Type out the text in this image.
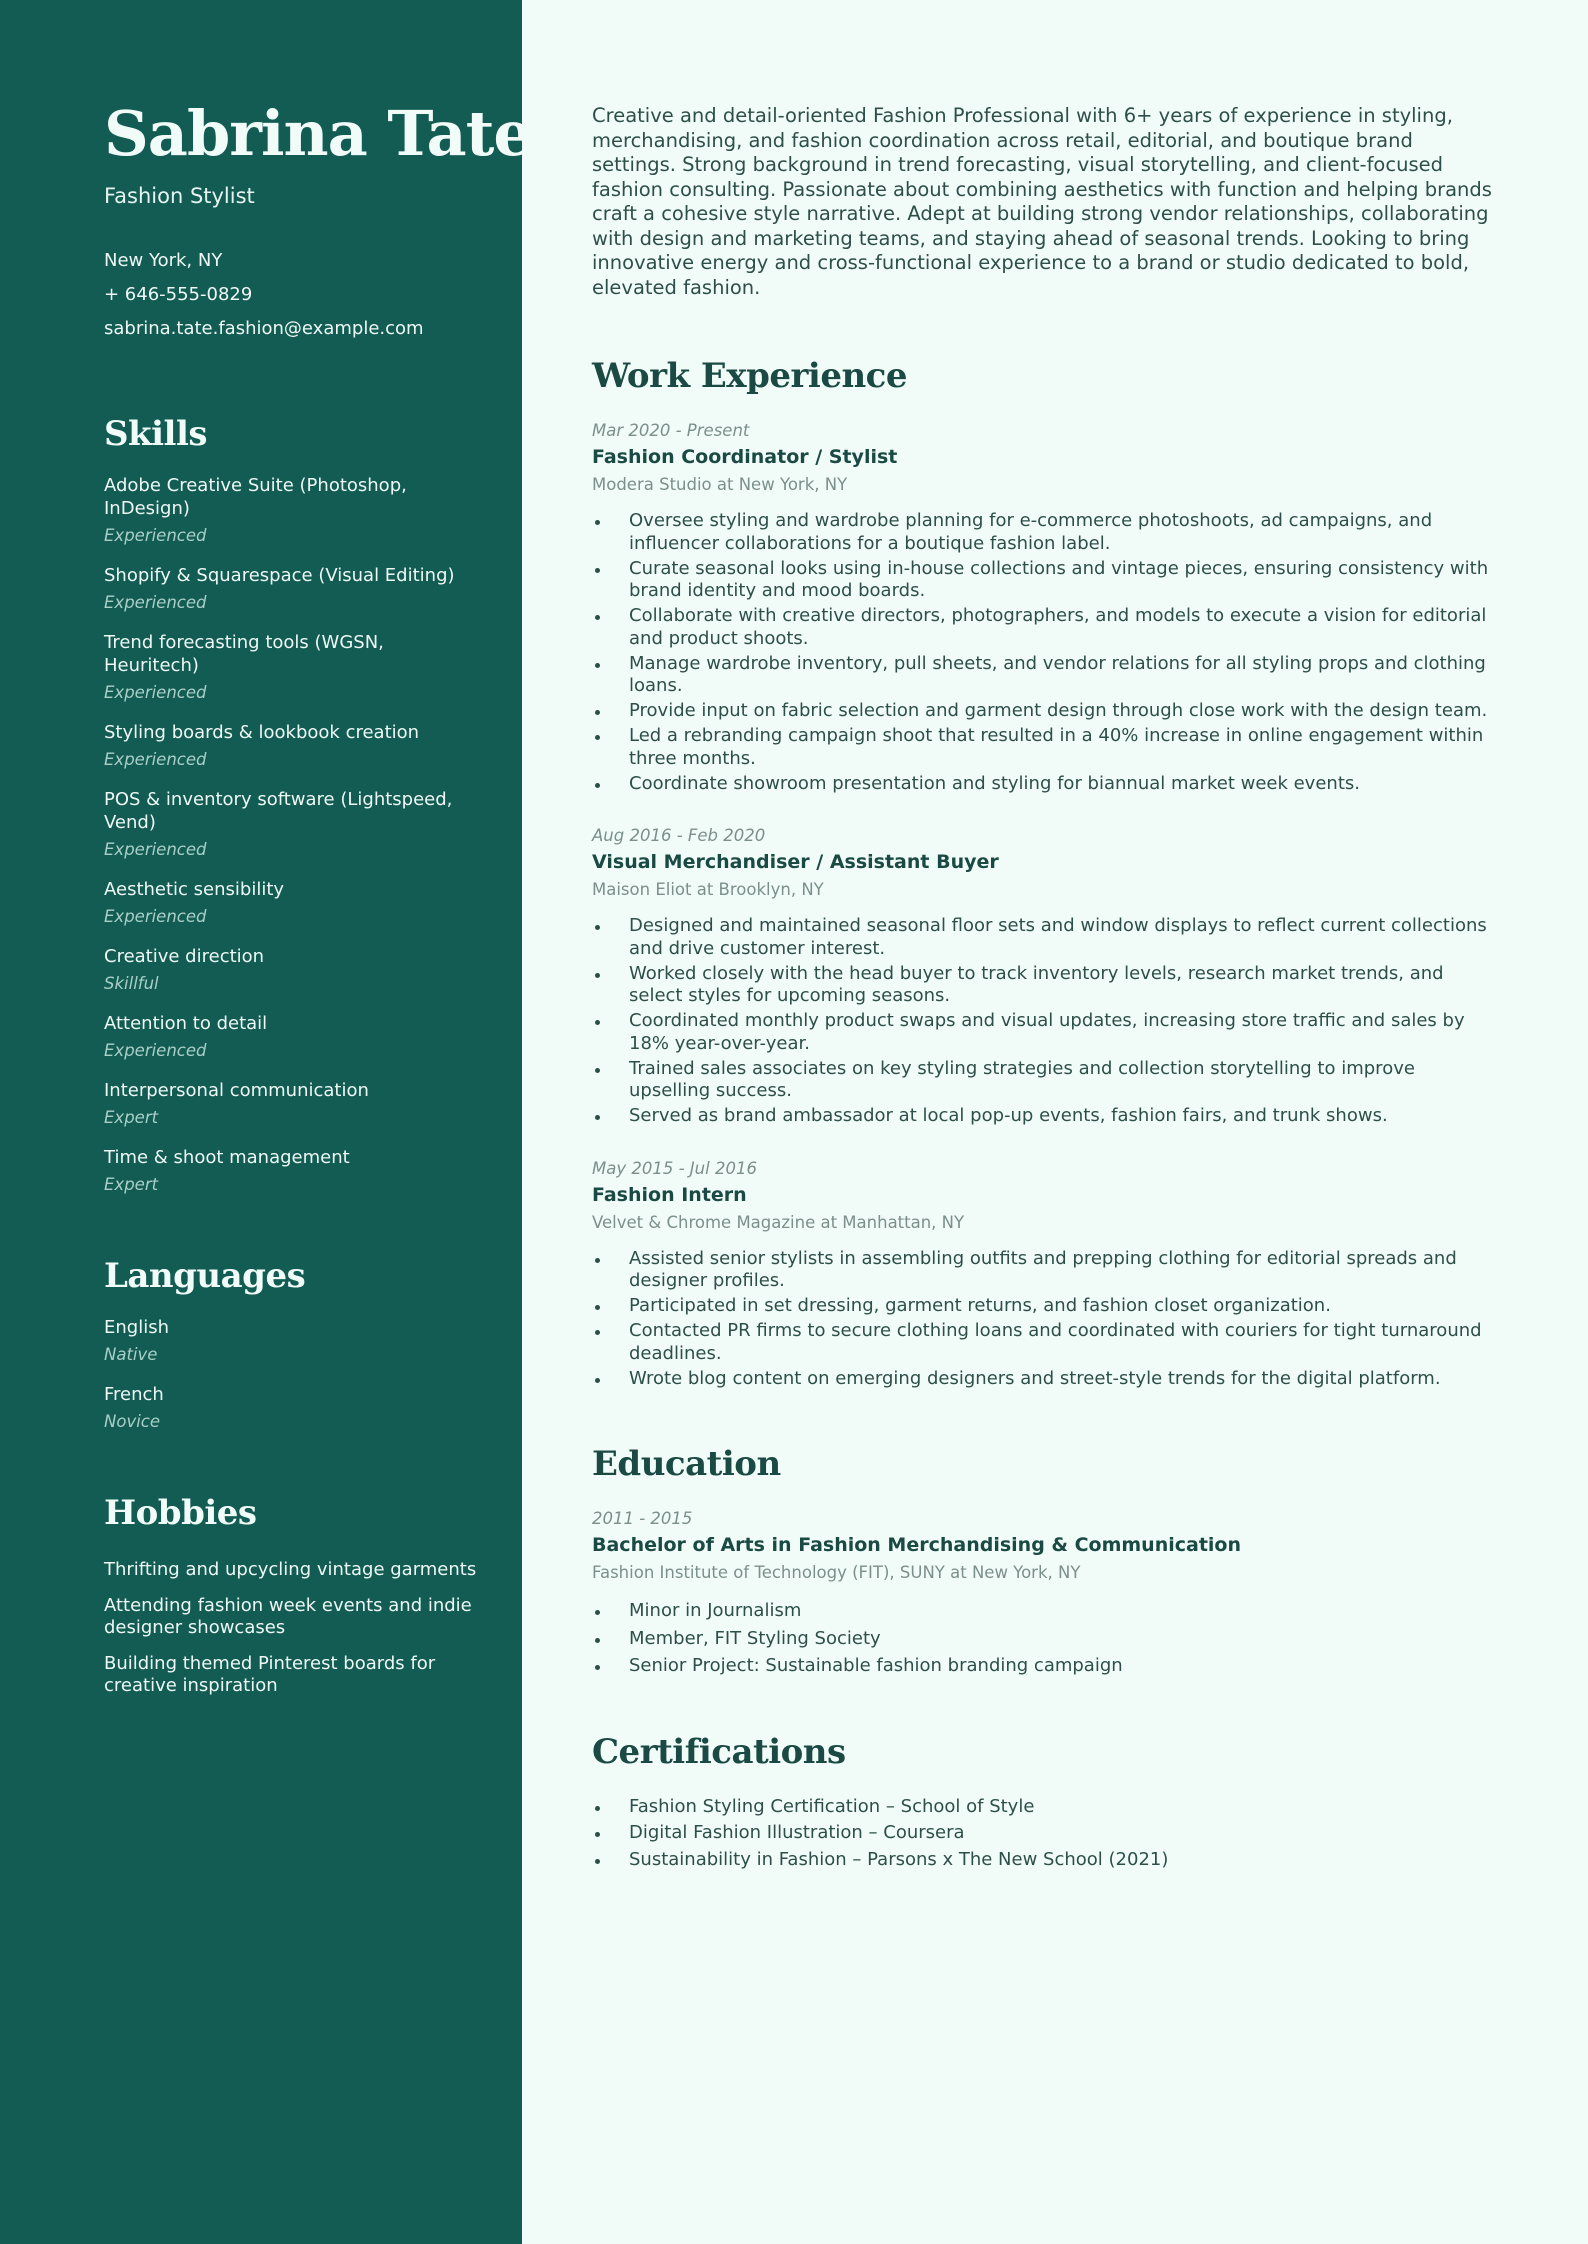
Sabrina Tate
Fashion Stylist
New York, NY
+ 646-555-0829
sabrina.tate.fashion@example.com
Skills
Adobe Creative Suite (Photoshop, InDesign)
Experienced
Shopify & Squarespace (Visual Editing)
Experienced
Trend forecasting tools (WGSN, Heuritech)
Experienced
Styling boards & lookbook creation
Experienced
POS & inventory software (Lightspeed, Vend)
Experienced
Aesthetic sensibility
Experienced
Creative direction
Skillful
Attention to detail
Experienced
Interpersonal communication
Expert
Time & shoot management
Expert
Languages
English
Native
French
Novice
Hobbies
Thrifting and upcycling vintage garments
Attending fashion week events and indie designer showcases
Building themed Pinterest boards for creative inspiration

Creative and detail-oriented Fashion Professional with 6+ years of experience in styling, merchandising, and fashion coordination across retail, editorial, and boutique brand settings. Strong background in trend forecasting, visual storytelling, and client-focused fashion consulting. Passionate about combining aesthetics with function and helping brands craft a cohesive style narrative. Adept at building strong vendor relationships, collaborating with design and marketing teams, and staying ahead of seasonal trends. Looking to bring innovative energy and cross-functional experience to a brand or studio dedicated to bold, elevated fashion.

Work Experience
Mar 2020 - Present
Fashion Coordinator / Stylist
Modera Studio at New York, NY
Oversee styling and wardrobe planning for e-commerce photoshoots, ad campaigns, and influencer collaborations for a boutique fashion label.
Curate seasonal looks using in-house collections and vintage pieces, ensuring consistency with brand identity and mood boards.
Collaborate with creative directors, photographers, and models to execute a vision for editorial and product shoots.
Manage wardrobe inventory, pull sheets, and vendor relations for all styling props and clothing loans.
Provide input on fabric selection and garment design through close work with the design team.
Led a rebranding campaign shoot that resulted in a 40% increase in online engagement within three months.
Coordinate showroom presentation and styling for biannual market week events.
Aug 2016 - Feb 2020
Visual Merchandiser / Assistant Buyer
Maison Eliot at Brooklyn, NY
Designed and maintained seasonal floor sets and window displays to reflect current collections and drive customer interest.
Worked closely with the head buyer to track inventory levels, research market trends, and select styles for upcoming seasons.
Coordinated monthly product swaps and visual updates, increasing store traffic and sales by 18% year-over-year.
Trained sales associates on key styling strategies and collection storytelling to improve upselling success.
Served as brand ambassador at local pop-up events, fashion fairs, and trunk shows.
May 2015 - Jul 2016
Fashion Intern
Velvet & Chrome Magazine at Manhattan, NY
Assisted senior stylists in assembling outfits and prepping clothing for editorial spreads and designer profiles.
Participated in set dressing, garment returns, and fashion closet organization.
Contacted PR firms to secure clothing loans and coordinated with couriers for tight turnaround deadlines.
Wrote blog content on emerging designers and street-style trends for the digital platform.
Education
2011 - 2015
Bachelor of Arts in Fashion Merchandising & Communication
Fashion Institute of Technology (FIT), SUNY at New York, NY
Minor in Journalism
Member, FIT Styling Society
Senior Project: Sustainable fashion branding campaign
Certifications
Fashion Styling Certification – School of Style
Digital Fashion Illustration – Coursera
Sustainability in Fashion – Parsons x The New School (2021)
